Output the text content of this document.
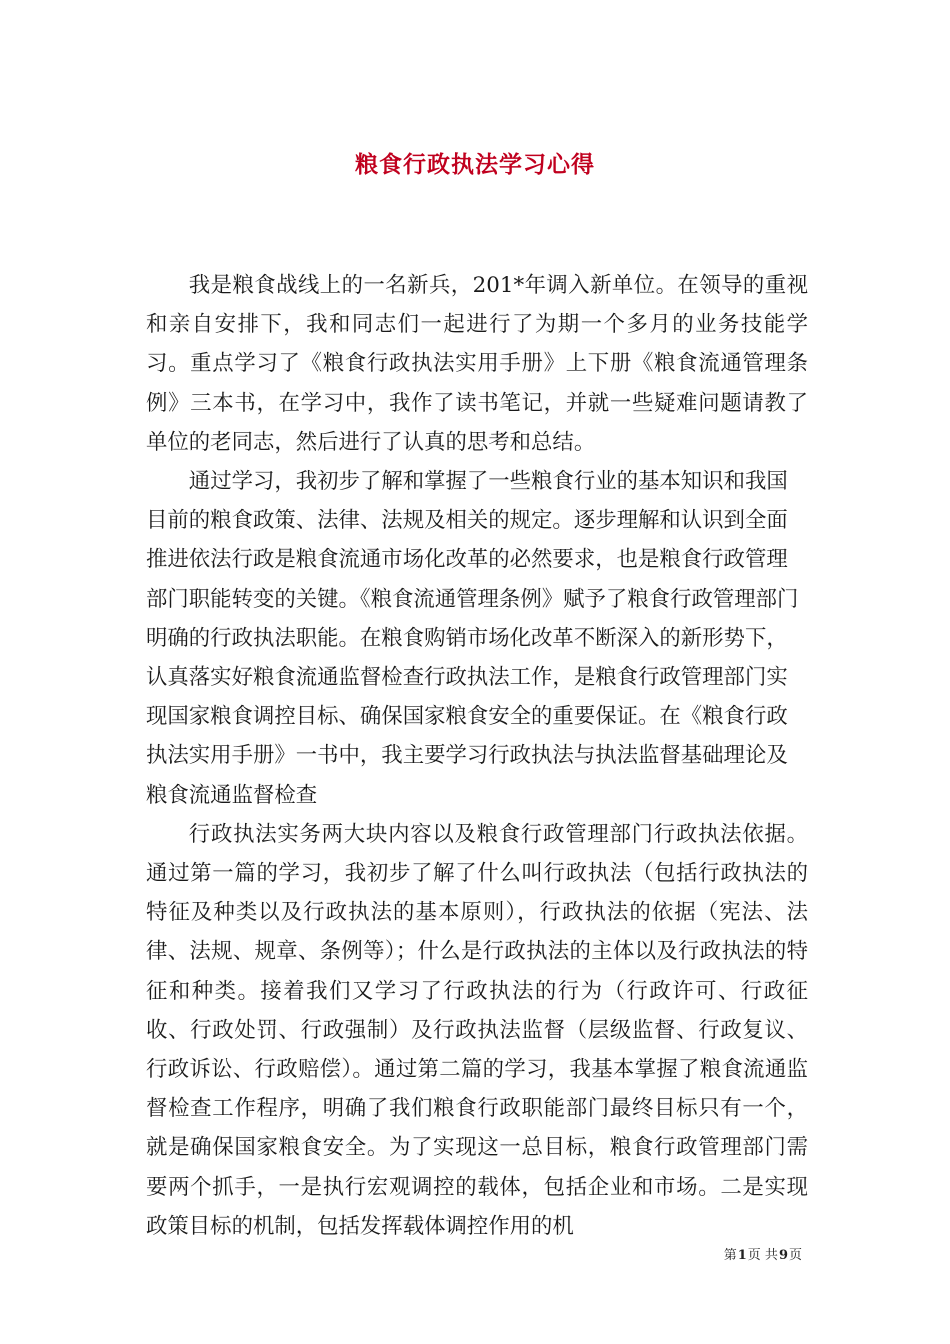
粮食行政执法学习心得

我是粮食战线上的一名新兵，201*年调入新单位。在领导的重视和亲自安排下，我和同志们一起进行了为期一个多月的业务技能学习。重点学习了《粮食行政执法实用手册》上下册《粮食流通管理条例》三本书，在学习中，我作了读书笔记，并就一些疑难问题请教了单位的老同志，然后进行了认真的思考和总结。

通过学习，我初步了解和掌握了一些粮食行业的基本知识和我国目前的粮食政策、法律、法规及相关的规定。逐步理解和认识到全面推进依法行政是粮食流通市场化改革的必然要求，也是粮食行政管理部门职能转变的关键。《粮食流通管理条例》赋予了粮食行政管理部门明确的行政执法职能。在粮食购销市场化改革不断深入的新形势下，认真落实好粮食流通监督检查行政执法工作，是粮食行政管理部门实现国家粮食调控目标、确保国家粮食安全的重要保证。在《粮食行政执法实用手册》一书中，我主要学习行政执法与执法监督基础理论及粮食流通监督检查

行政执法实务两大块内容以及粮食行政管理部门行政执法依据。通过第一篇的学习，我初步了解了什么叫行政执法（包括行政执法的特征及种类以及行政执法的基本原则），行政执法的依据（宪法、法律、法规、规章、条例等）；什么是行政执法的主体以及行政执法的特征和种类。接着我们又学习了行政执法的行为（行政许可、行政征收、行政处罚、行政强制）及行政执法监督（层级监督、行政复议、行政诉讼、行政赔偿）。通过第二篇的学习，我基本掌握了粮食流通监督检查工作程序，明确了我们粮食行政职能部门最终目标只有一个，就是确保国家粮食安全。为了实现这一总目标，粮食行政管理部门需要两个抓手，一是执行宏观调控的载体，包括企业和市场。二是实现政策目标的机制，包括发挥载体调控作用的机

第1页 共9页
